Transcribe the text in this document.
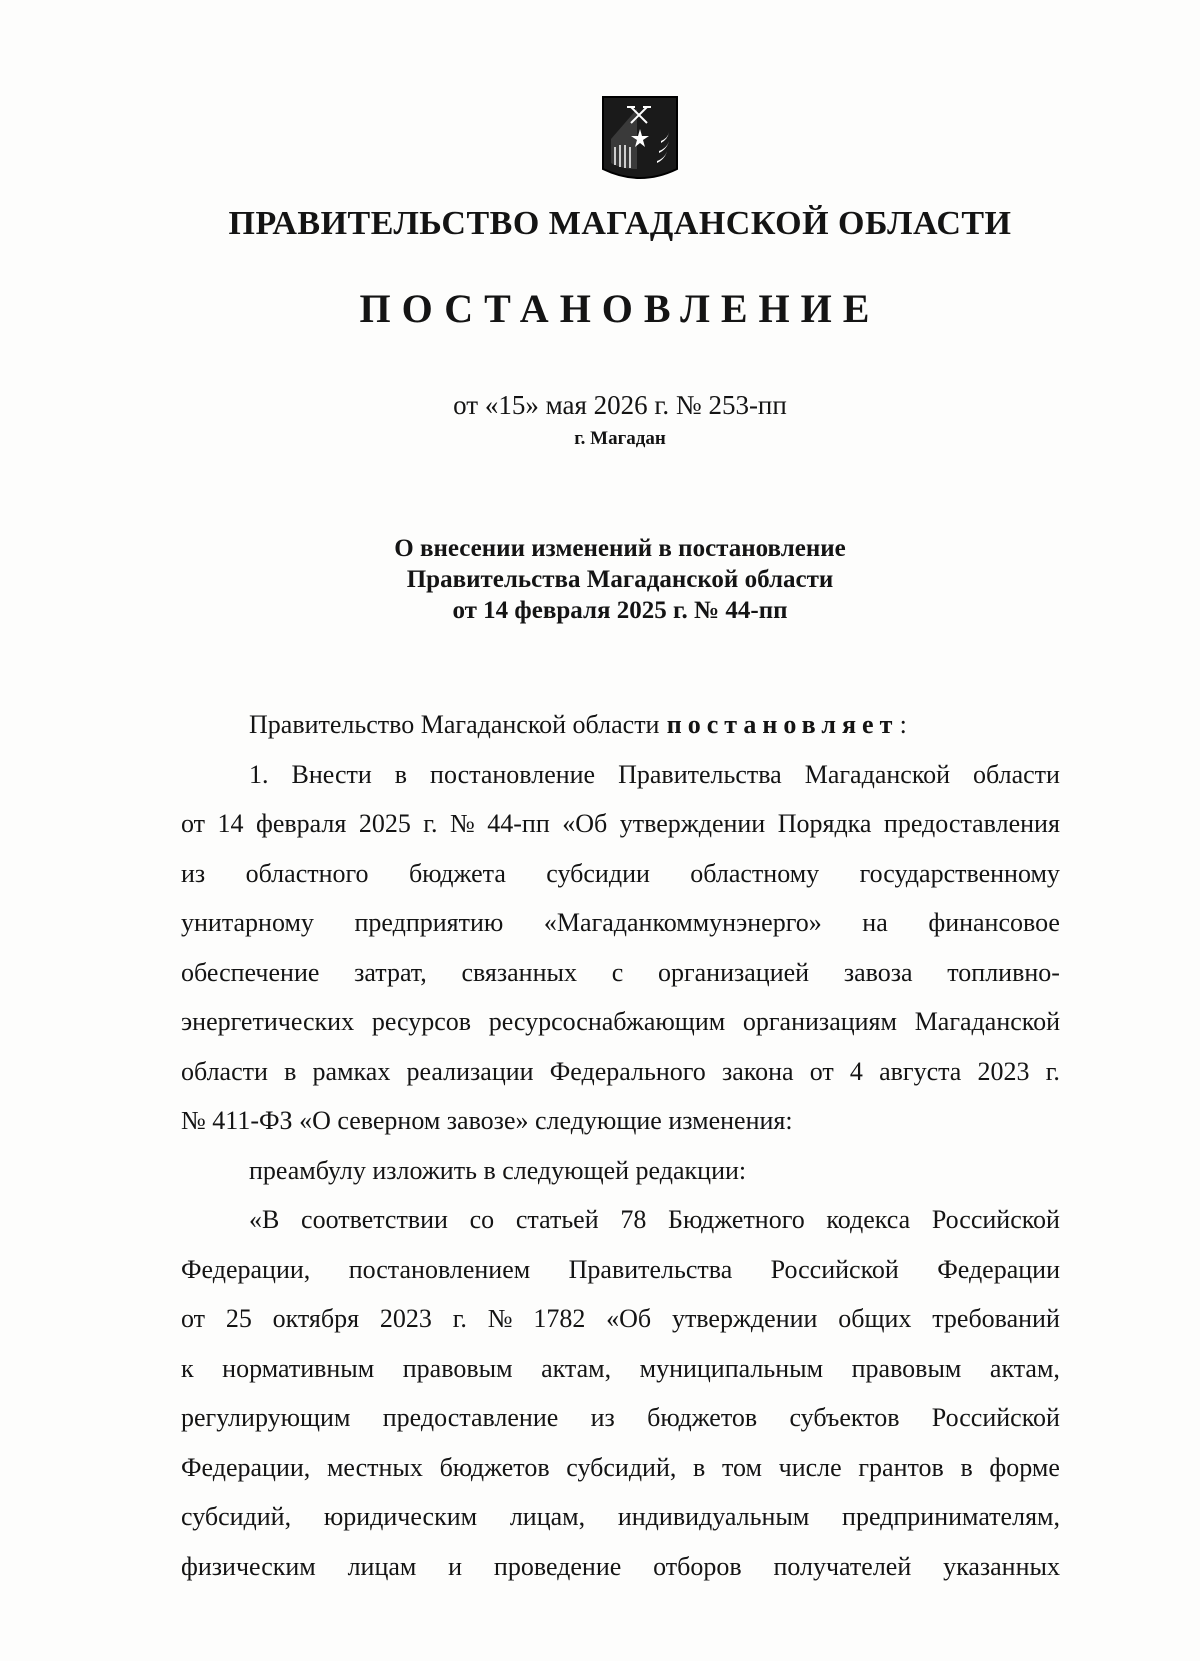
ПРАВИТЕЛЬСТВО МАГАДАНСКОЙ ОБЛАСТИ
ПОСТАНОВЛЕНИЕ
от «15» мая 2026 г. № 253-пп
г. Магадан
О внесении изменений в постановление
Правительства Магаданской области
от 14 февраля 2025 г. № 44-пп
Правительство Магаданской области постановляет :
1. Внести в постановление Правительства Магаданской области
от 14 февраля 2025 г. № 44-пп «Об утверждении Порядка предоставления
из областного бюджета субсидии областному государственному
унитарному предприятию «Магаданкоммунэнерго» на финансовое
обеспечение затрат, связанных с организацией завоза топливно-
энергетических ресурсов ресурсоснабжающим организациям Магаданской
области в рамках реализации Федерального закона от 4 августа 2023 г.
№ 411-ФЗ «О северном завозе» следующие изменения:
преамбулу изложить в следующей редакции:
«В соответствии со статьей 78 Бюджетного кодекса Российской
Федерации, постановлением Правительства Российской Федерации
от 25 октября 2023 г. № 1782 «Об утверждении общих требований
к нормативным правовым актам, муниципальным правовым актам,
регулирующим предоставление из бюджетов субъектов Российской
Федерации, местных бюджетов субсидий, в том числе грантов в форме
субсидий, юридическим лицам, индивидуальным предпринимателям,
физическим лицам и проведение отборов получателей указанных
